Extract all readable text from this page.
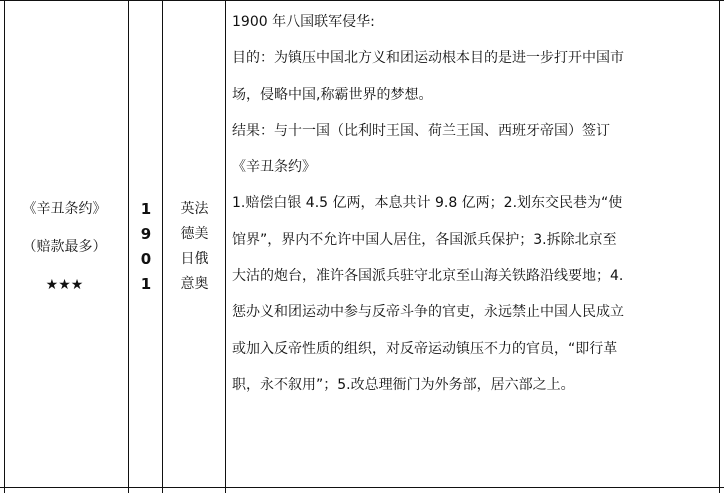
《辛丑条约》
（赔款最多）
★★★
1
9
0
1
英法
德美
日俄
意奥
1900 年八国联军侵华:
目的：为镇压中国北方义和团运动根本目的是进一步打开中国市
场，侵略中国,称霸世界的梦想。
结果：与十一国（比利时王国、荷兰王国、西班牙帝国）签订
《辛丑条约》
1.赔偿白银 4.5 亿两，本息共计 9.8 亿两；2.划东交民巷为“使
馆界”，界内不允许中国人居住，各国派兵保护；3.拆除北京至
大沽的炮台，准许各国派兵驻守北京至山海关铁路沿线要地；4.
惩办义和团运动中参与反帝斗争的官吏，永远禁止中国人民成立
或加入反帝性质的组织，对反帝运动镇压不力的官员，“即行革
职，永不叙用”；5.改总理衙门为外务部，居六部之上。
